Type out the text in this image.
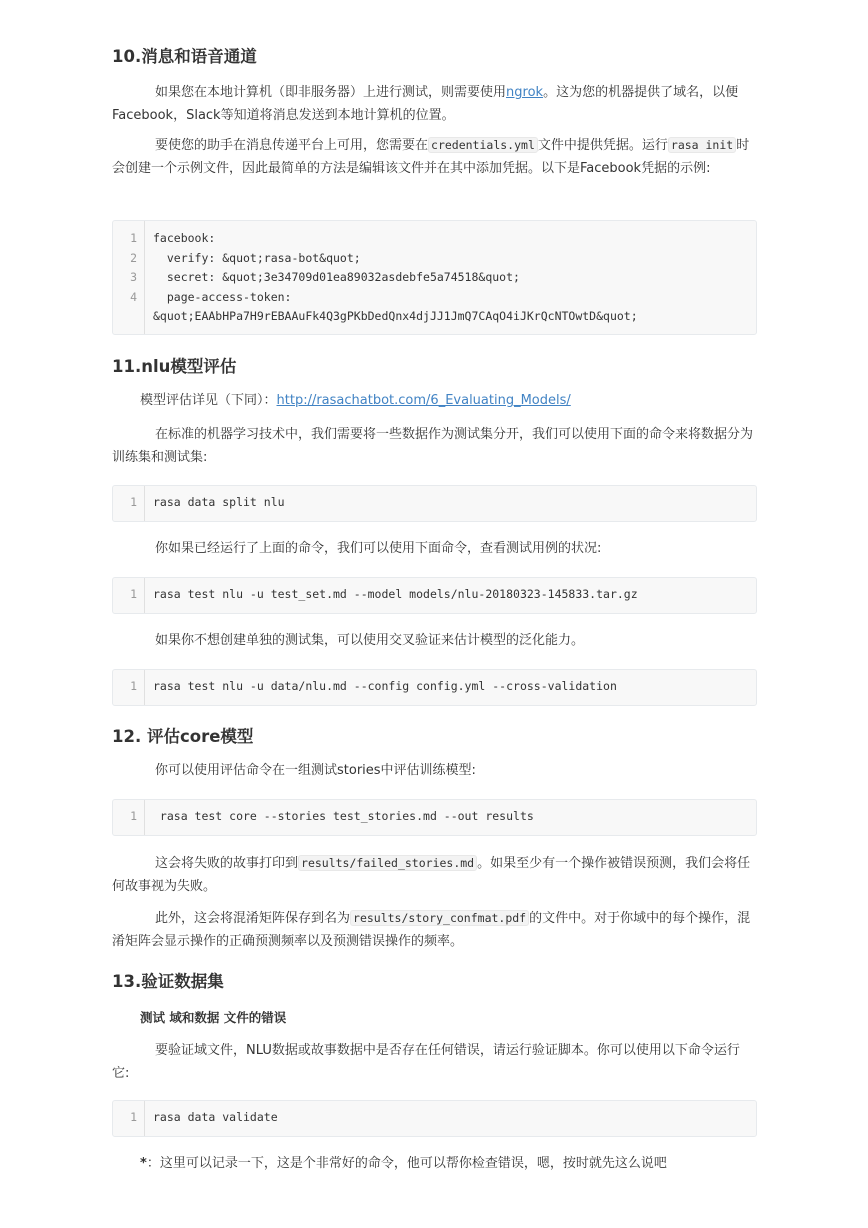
10.消息和语音通道

如果您在本地计算机（即非服务器）上进行测试，则需要使用ngrok。这为您的机器提供了域名，以便Facebook，Slack等知道将消息发送到本地计算机的位置。

要使您的助手在消息传递平台上可用，您需要在 credentials.yml 文件中提供凭据。运行 rasa init 时会创建一个示例文件，因此最简单的方法是编辑该文件并在其中添加凭据。以下是Facebook凭据的示例:

1 facebook:
2 verify: &quot;rasa-bot&quot;
3 secret: &quot;3e34709d01ea89032asdebfe5a74518&quot;
4 page-access-token:
&quot;EAAbHPa7H9rEBAAuFk4Q3gPKbDedQnx4djJJ1JmQ7CAqO4iJKrQcNTOwtD&quot;
11.nlu模型评估

模型评估详见（下同）：http://rasachatbot.com/6_Evaluating_Models/

在标准的机器学习技术中，我们需要将一些数据作为测试集分开，我们可以使用下面的命令来将数据分为训练集和测试集:

1 rasa data split nlu

你如果已经运行了上面的命令，我们可以使用下面命令，查看测试用例的状况:

1 rasa test nlu -u test_set.md --model models/nlu-20180323-145833.tar.gz

如果你不想创建单独的测试集，可以使用交叉验证来估计模型的泛化能力。

1 rasa test nlu -u data/nlu.md --config config.yml --cross-validation
12. 评估core模型

你可以使用评估命令在一组测试stories中评估训练模型:

1 rasa test core --stories test_stories.md --out results

这会将失败的故事打印到 results/failed_stories.md 。如果至少有一个操作被错误预测，我们会将任何故事视为失败。

此外，这会将混淆矩阵保存到名为 results/story_confmat.pdf 的文件中。对于你域中的每个操作，混淆矩阵会显示操作的正确预测频率以及预测错误操作的频率。

13.验证数据集
测试 域和数据 文件的错误

要验证域文件，NLU数据或故事数据中是否存在任何错误，请运行验证脚本。你可以使用以下命令运行它:

1 rasa data validate

*：这里可以记录一下，这是个非常好的命令，他可以帮你检查错误，嗯，按时就先这么说吧
